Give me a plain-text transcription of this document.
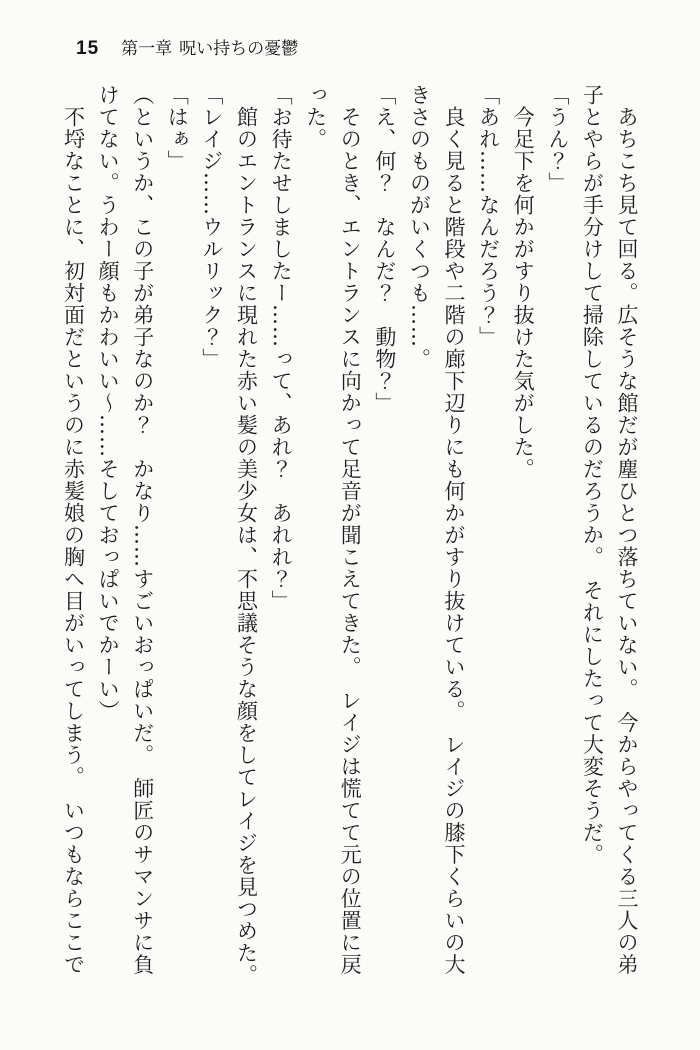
15 第一章 呪い持ちの憂鬱
　あちこち見て回る。広そうな館だが塵ひとつ落ちていない。　今からやってくる三人の弟
子とやらが手分けして掃除しているのだろうか。　それにしたって大変そうだ。
「うん？」
　今足下を何かがすり抜けた気がした。
「あれ……なんだろう？」
　良く見ると階段や二階の廊下辺りにも何かがすり抜けている。　レイジの膝下くらいの大
きさのものがいくつも……。
「え、何？　なんだ？　動物？」
　そのとき、エントランスに向かって足音が聞こえてきた。　レイジは慌てて元の位置に戻
った。
「お待たせしましたー……って、あれ？　あれれ？」
　館のエントランスに現れた赤い髪の美少女は、不思議そうな顔をしてレイジを見つめた。
「レイジ……ウルリック？」
「はぁ」
（というか、この子が弟子なのか？　かなり……すごいおっぱいだ。　師匠のサマンサに負
けてない。うわー顔もかわいい～……そしておっぱいでかーい）
　不埒なことに、初対面だというのに赤髪娘の胸へ目がいってしまう。　いつもならここで
